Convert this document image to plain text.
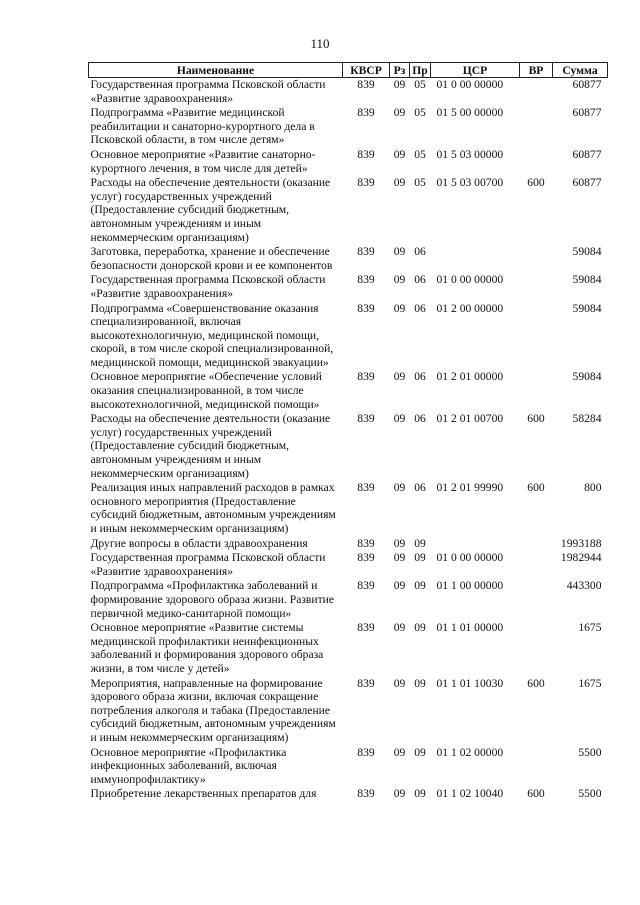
110
Наименование	КВСР	Рз	Пр	ЦСР	ВР	Сумма
Государственная программа Псковской области «Развитие здравоохранения»	839	09	05	01 0 00 00000		60877
Подпрограмма «Развитие медицинской реабилитации и санаторно-курортного дела в Псковской области, в том числе детям»	839	09	05	01 5 00 00000		60877
Основное мероприятие «Развитие санаторно-курортного лечения, в том числе для детей»	839	09	05	01 5 03 00000		60877
Расходы на обеспечение деятельности (оказание услуг) государственных учреждений (Предоставление субсидий бюджетным, автономным учреждениям и иным некоммерческим организациям)	839	09	05	01 5 03 00700	600	60877
Заготовка, переработка, хранение и обеспечение безопасности донорской крови и ее компонентов	839	09	06			59084
Государственная программа Псковской области «Развитие здравоохранения»	839	09	06	01 0 00 00000		59084
Подпрограмма «Совершенствование оказания специализированной, включая высокотехнологичную, медицинской помощи, скорой, в том числе скорой специализированной, медицинской помощи, медицинской эвакуации»	839	09	06	01 2 00 00000		59084
Основное мероприятие «Обеспечение условий оказания специализированной, в том числе высокотехнологичной, медицинской помощи»	839	09	06	01 2 01 00000		59084
Расходы на обеспечение деятельности (оказание услуг) государственных учреждений (Предоставление субсидий бюджетным, автономным учреждениям и иным некоммерческим организациям)	839	09	06	01 2 01 00700	600	58284
Реализация иных направлений расходов в рамках основного мероприятия (Предоставление субсидий бюджетным, автономным учреждениям и иным некоммерческим организациям)	839	09	06	01 2 01 99990	600	800
Другие вопросы в области здравоохранения	839	09	09			1993188
Государственная программа Псковской области «Развитие здравоохранения»	839	09	09	01 0 00 00000		1982944
Подпрограмма «Профилактика заболеваний и формирование здорового образа жизни. Развитие первичной медико-санитарной помощи»	839	09	09	01 1 00 00000		443300
Основное мероприятие «Развитие системы медицинской профилактики неинфекционных заболеваний и формирования здорового образа жизни, в том числе у детей»	839	09	09	01 1 01 00000		1675
Мероприятия, направленные на формирование здорового образа жизни, включая сокращение потребления алкоголя и табака (Предоставление субсидий бюджетным, автономным учреждениям и иным некоммерческим организациям)	839	09	09	01 1 01 10030	600	1675
Основное мероприятие «Профилактика инфекционных заболеваний, включая иммунопрофилактику»	839	09	09	01 1 02 00000		5500
Приобретение лекарственных препаратов для	839	09	09	01 1 02 10040	600	5500
